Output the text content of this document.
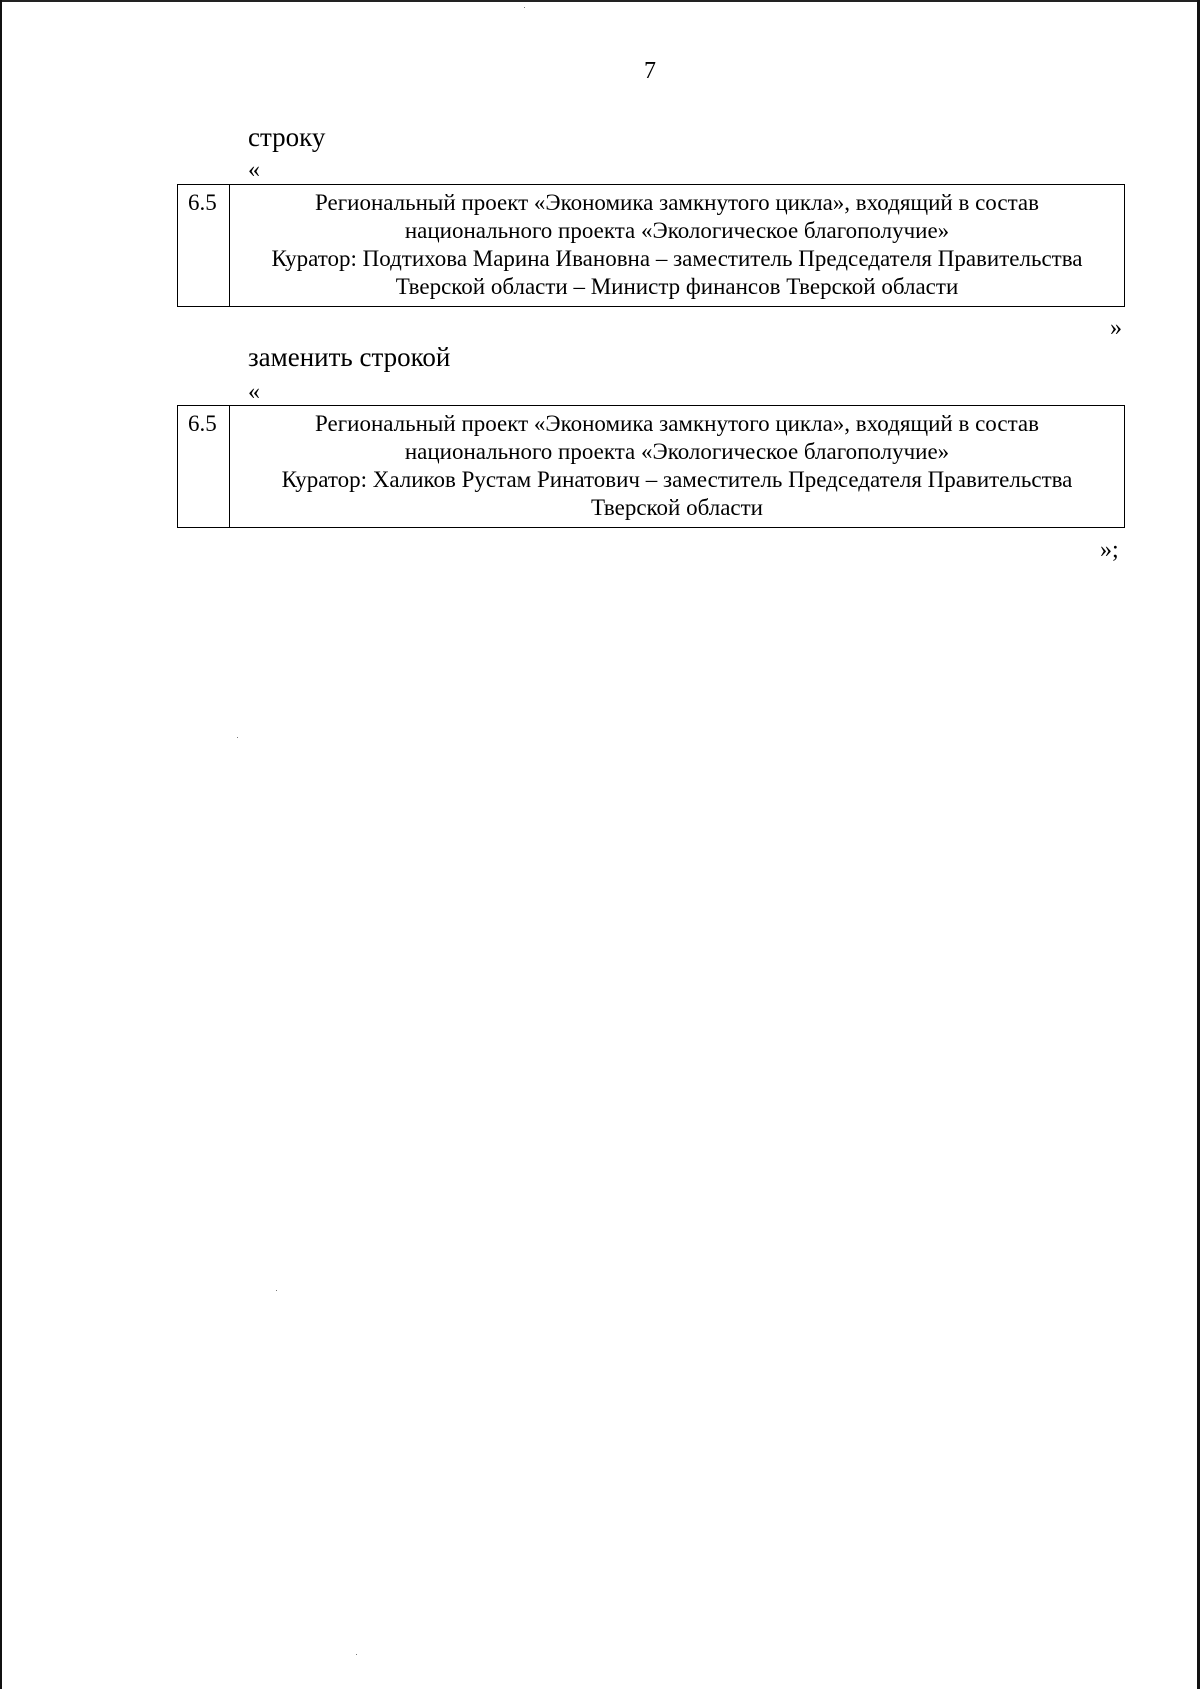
7
строку
«
6.5	Региональный проект «Экономика замкнутого цикла», входящий в состав
национального проекта «Экологическое благополучие»
Куратор: Подтихова Марина Ивановна – заместитель Председателя Правительства
Тверской области – Министр финансов Тверской области
»
заменить строкой
«
6.5	Региональный проект «Экономика замкнутого цикла», входящий в состав
национального проекта «Экологическое благополучие»
Куратор: Халиков Рустам Ринатович – заместитель Председателя Правительства
Тверской области
»;
